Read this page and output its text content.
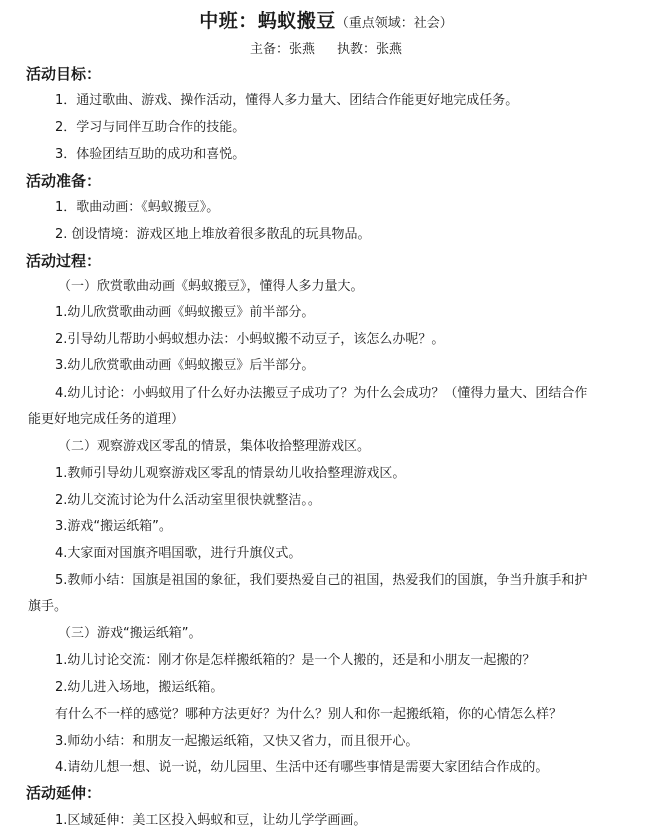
中班：蚂蚁搬豆（重点领域：社会）
主备：张燕 执教：张燕
活动目标：
1．通过歌曲、游戏、操作活动，懂得人多力量大、团结合作能更好地完成任务。
2．学习与同伴互助合作的技能。
3．体验团结互助的成功和喜悦。
活动准备：
1．歌曲动画：《蚂蚁搬豆》。
2. 创设情境：游戏区地上堆放着很多散乱的玩具物品。
活动过程：
（一）欣赏歌曲动画《蚂蚁搬豆》，懂得人多力量大。
1.幼儿欣赏歌曲动画《蚂蚁搬豆》前半部分。
2.引导幼儿帮助小蚂蚁想办法：小蚂蚁搬不动豆子，该怎么办呢？。
3.幼儿欣赏歌曲动画《蚂蚁搬豆》后半部分。
4.幼儿讨论：小蚂蚁用了什么好办法搬豆子成功了？为什么会成功？（懂得力量大、团结合作
能更好地完成任务的道理）
（二）观察游戏区零乱的情景，集体收拾整理游戏区。
1.教师引导幼儿观察游戏区零乱的情景幼儿收拾整理游戏区。
2.幼儿交流讨论为什么活动室里很快就整洁。。
3.游戏“搬运纸箱”。
4.大家面对国旗齐唱国歌，进行升旗仪式。
5.教师小结：国旗是祖国的象征，我们要热爱自己的祖国，热爱我们的国旗，争当升旗手和护
旗手。
（三）游戏“搬运纸箱”。
1.幼儿讨论交流：刚才你是怎样搬纸箱的？是一个人搬的，还是和小朋友一起搬的？
2.幼儿进入场地，搬运纸箱。
有什么不一样的感觉？哪种方法更好？为什么？别人和你一起搬纸箱，你的心情怎么样？
3.师幼小结：和朋友一起搬运纸箱，又快又省力，而且很开心。
4.请幼儿想一想、说一说，幼儿园里、生活中还有哪些事情是需要大家团结合作成的。
活动延伸：
1.区域延伸：美工区投入蚂蚁和豆，让幼儿学学画画。
